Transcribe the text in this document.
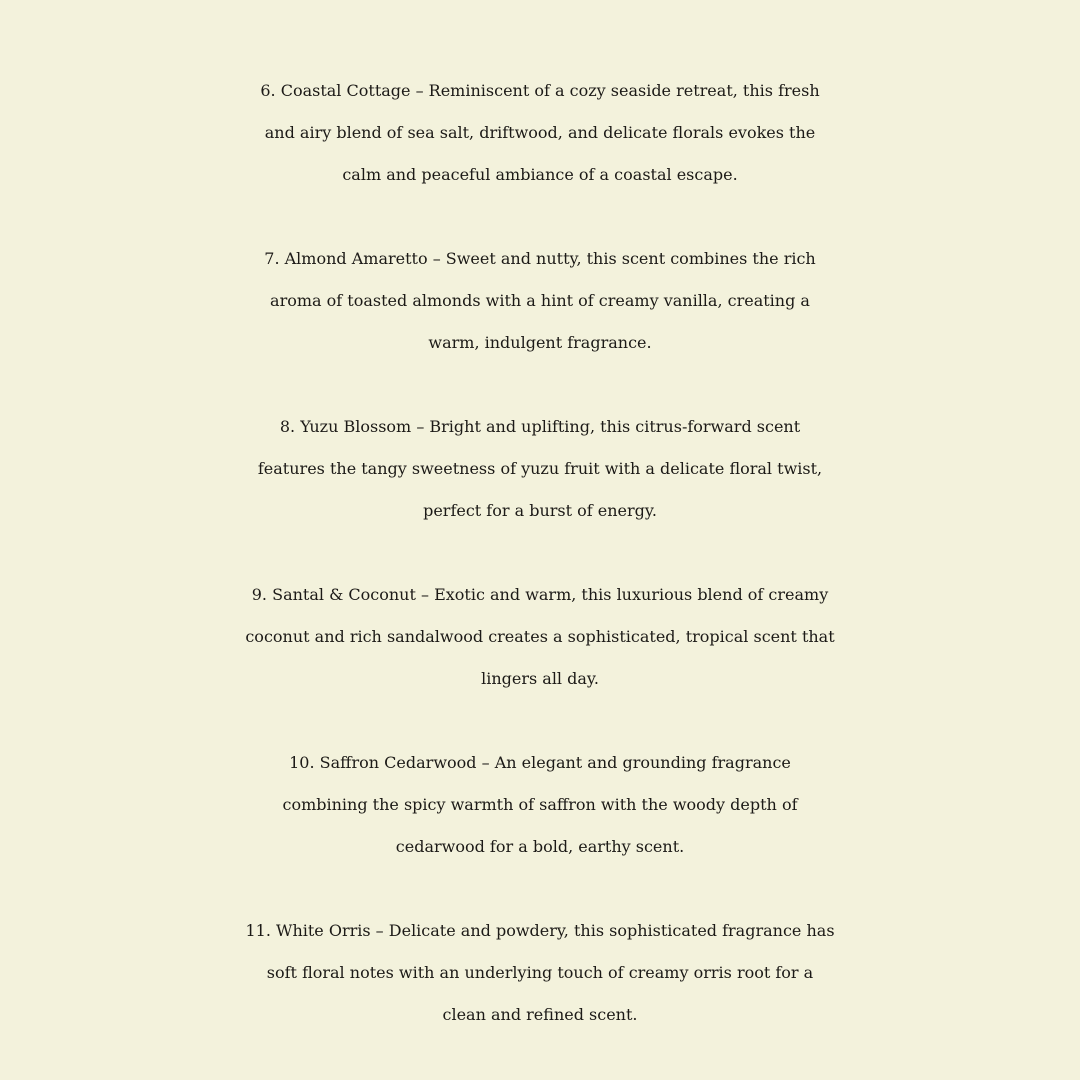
6. Coastal Cottage – Reminiscent of a cozy seaside retreat, this fresh
and airy blend of sea salt, driftwood, and delicate florals evokes the
calm and peaceful ambiance of a coastal escape.

7. Almond Amaretto – Sweet and nutty, this scent combines the rich
aroma of toasted almonds with a hint of creamy vanilla, creating a
warm, indulgent fragrance.

8. Yuzu Blossom – Bright and uplifting, this citrus-forward scent
features the tangy sweetness of yuzu fruit with a delicate floral twist,
perfect for a burst of energy.

9. Santal & Coconut – Exotic and warm, this luxurious blend of creamy
coconut and rich sandalwood creates a sophisticated, tropical scent that
lingers all day.

10. Saffron Cedarwood – An elegant and grounding fragrance
combining the spicy warmth of saffron with the woody depth of
cedarwood for a bold, earthy scent.

11. White Orris – Delicate and powdery, this sophisticated fragrance has
soft floral notes with an underlying touch of creamy orris root for a
clean and refined scent.
